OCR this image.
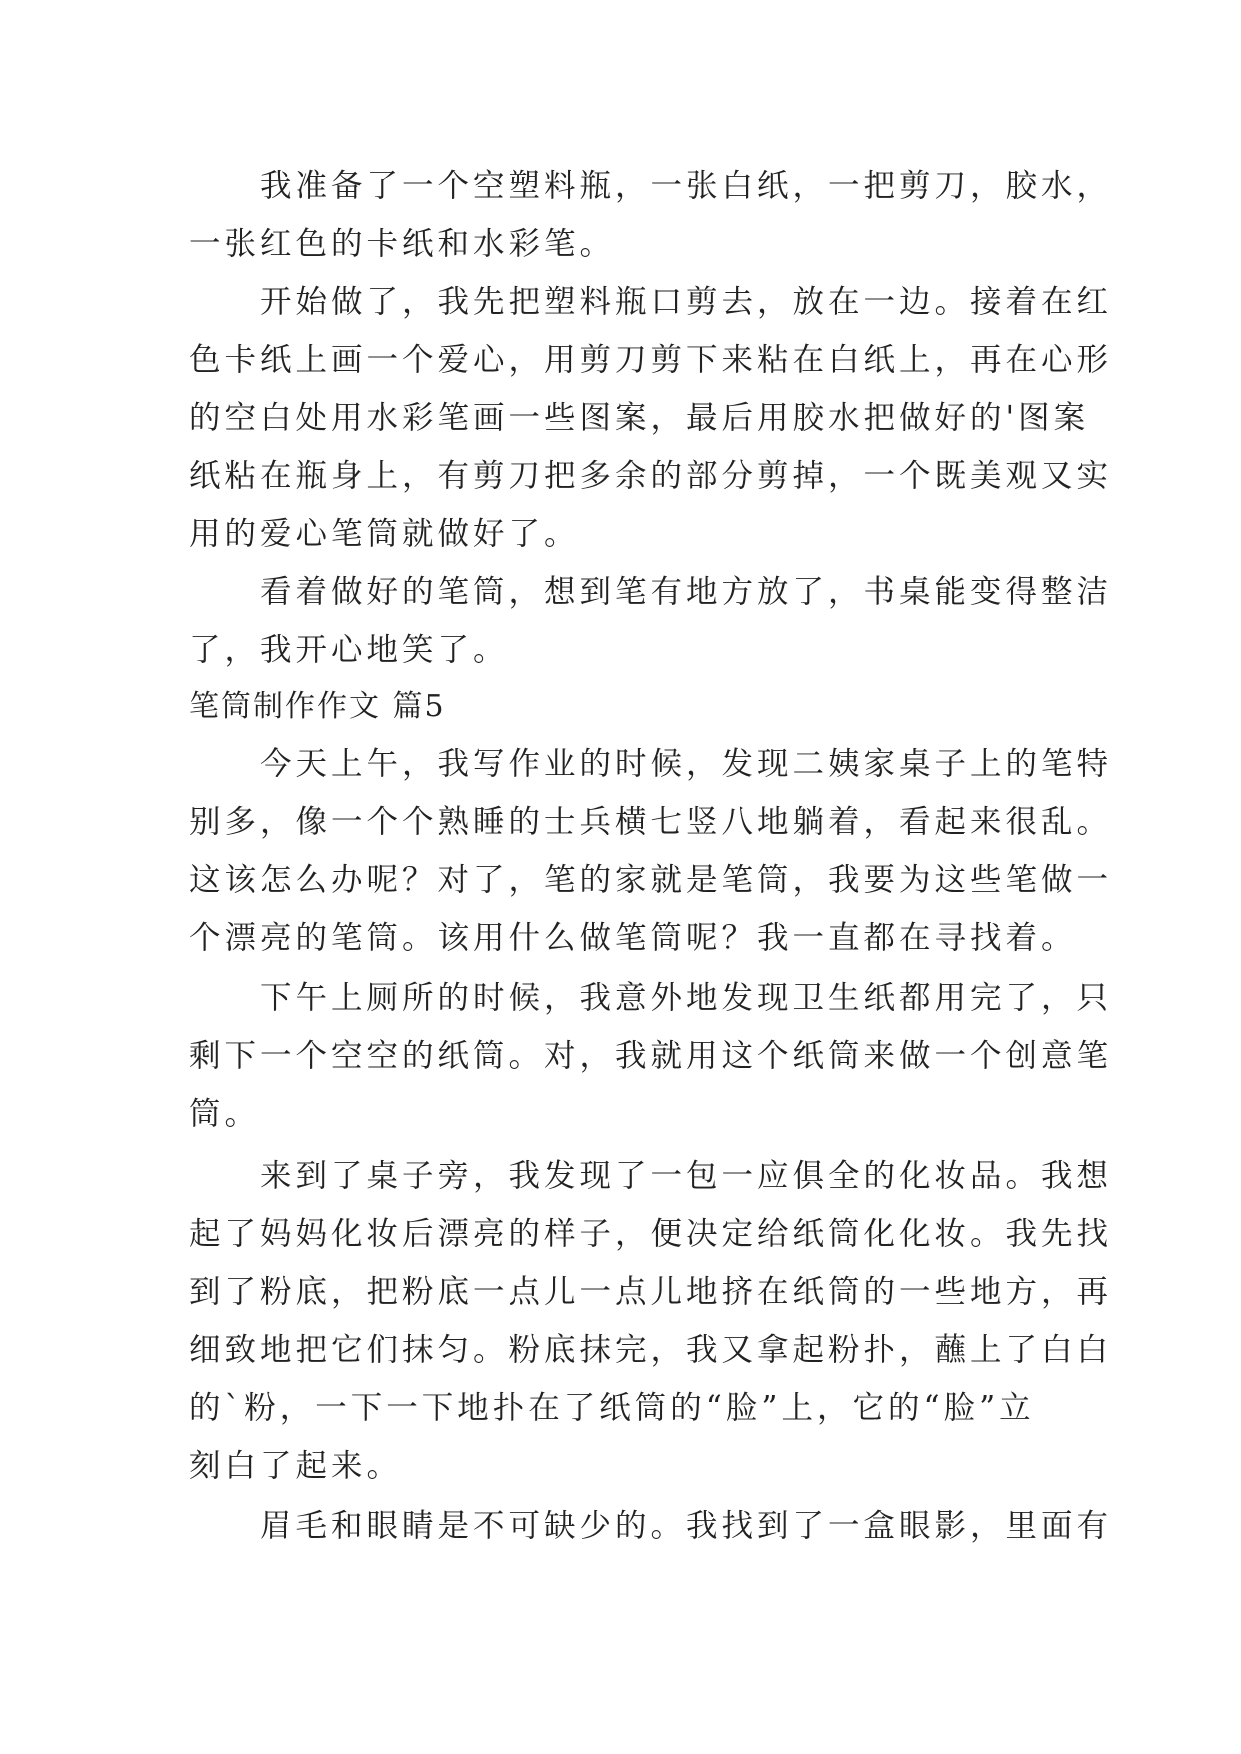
　　我准备了一个空塑料瓶，一张白纸，一把剪刀，胶水，
一张红色的卡纸和水彩笔。
　　开始做了，我先把塑料瓶口剪去，放在一边。接着在红
色卡纸上画一个爱心，用剪刀剪下来粘在白纸上，再在心形
的空白处用水彩笔画一些图案，最后用胶水把做好的'图案
纸粘在瓶身上，有剪刀把多余的部分剪掉，一个既美观又实
用的爱心笔筒就做好了。
　　看着做好的笔筒，想到笔有地方放了，书桌能变得整洁
了，我开心地笑了。
笔筒制作作文 篇5
　　今天上午，我写作业的时候，发现二姨家桌子上的笔特
别多，像一个个熟睡的士兵横七竖八地躺着，看起来很乱。
这该怎么办呢？对了，笔的家就是笔筒，我要为这些笔做一
个漂亮的笔筒。该用什么做笔筒呢？我一直都在寻找着。
　　下午上厕所的时候，我意外地发现卫生纸都用完了，只
剩下一个空空的纸筒。对，我就用这个纸筒来做一个创意笔
筒。
　　来到了桌子旁，我发现了一包一应俱全的化妆品。我想
起了妈妈化妆后漂亮的样子，便决定给纸筒化化妆。我先找
到了粉底，把粉底一点儿一点儿地挤在纸筒的一些地方，再
细致地把它们抹匀。粉底抹完，我又拿起粉扑，蘸上了白白
的`粉，一下一下地扑在了纸筒的“脸”上，它的“脸”立
刻白了起来。
　　眉毛和眼睛是不可缺少的。我找到了一盒眼影，里面有
